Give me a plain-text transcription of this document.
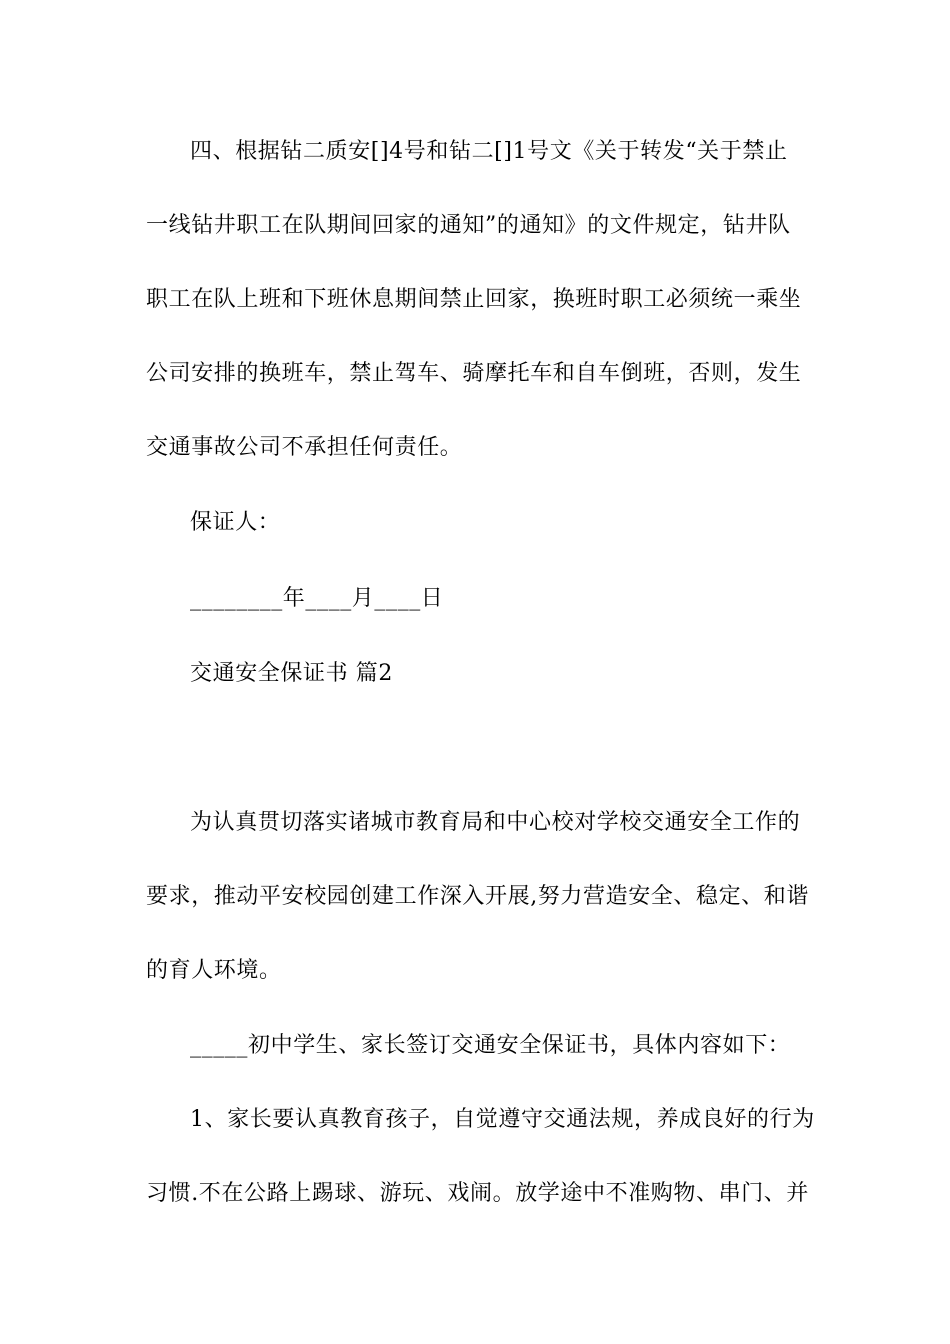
四、根据钻二质安[]4号和钻二[]1号文《关于转发“关于禁止
一线钻井职工在队期间回家的通知”的通知》的文件规定，钻井队
职工在队上班和下班休息期间禁止回家，换班时职工必须统一乘坐
公司安排的换班车，禁止驾车、骑摩托车和自车倒班，否则，发生
交通事故公司不承担任何责任。
保证人：
________年____月____日
交通安全保证书 篇2
为认真贯切落实诸城市教育局和中心校对学校交通安全工作的
要求，推动平安校园创建工作深入开展,努力营造安全、稳定、和谐
的育人环境。
_____初中学生、家长签订交通安全保证书，具体内容如下：
1、家长要认真教育孩子，自觉遵守交通法规，养成良好的行为
习惯.不在公路上踢球、游玩、戏闹。放学途中不准购物、串门、并
